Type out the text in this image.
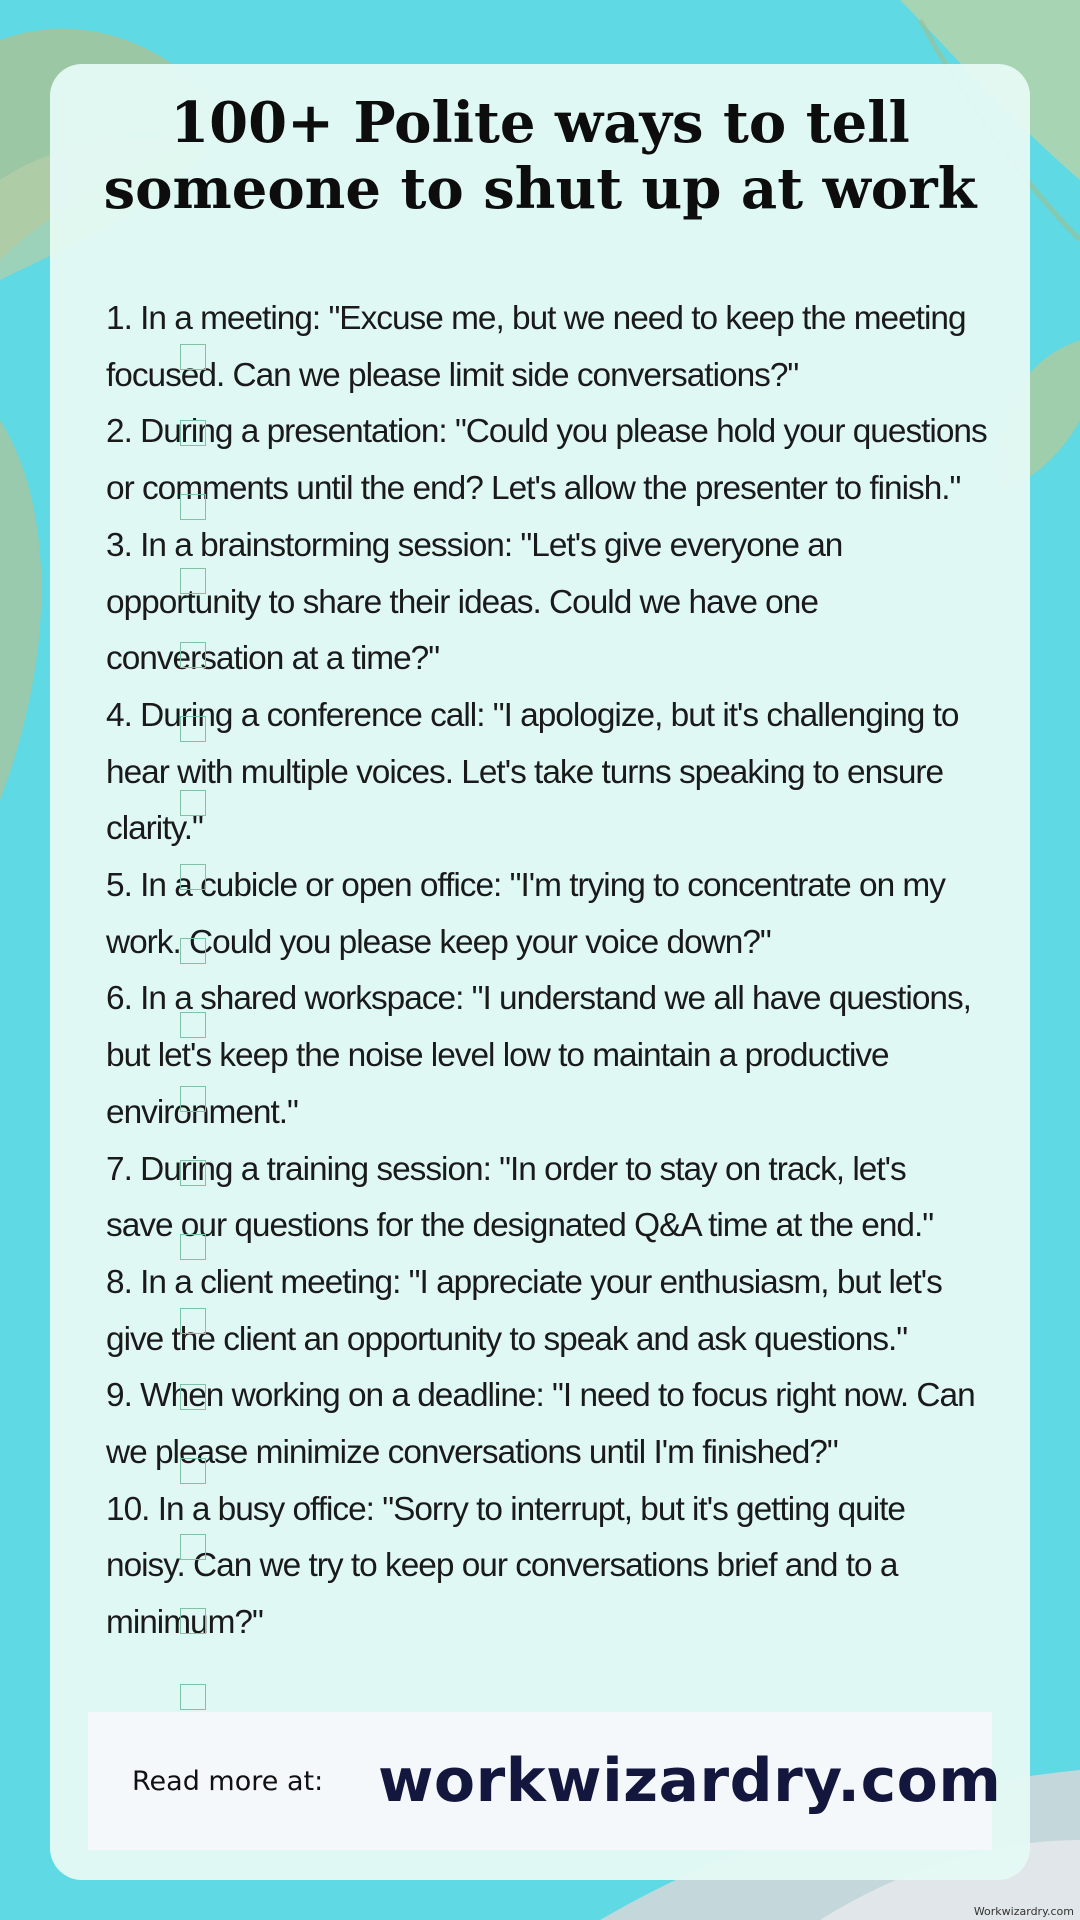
100+ Polite ways to tell
someone to shut up at work
1. In a meeting: "Excuse me, but we need to keep the meeting
focused. Can we please limit side conversations?"
2. During a presentation: "Could you please hold your questions
or comments until the end? Let's allow the presenter to finish."
3. In a brainstorming session: "Let's give everyone an
opportunity to share their ideas. Could we have one
conversation at a time?"
4. During a conference call: "I apologize, but it's challenging to
hear with multiple voices. Let's take turns speaking to ensure
clarity."
5. In a cubicle or open office: "I'm trying to concentrate on my
work. Could you please keep your voice down?"
6. In a shared workspace: "I understand we all have questions,
but let's keep the noise level low to maintain a productive
environment."
7. During a training session: "In order to stay on track, let's
save our questions for the designated Q&A time at the end."
8. In a client meeting: "I appreciate your enthusiasm, but let's
give the client an opportunity to speak and ask questions."
9. When working on a deadline: "I need to focus right now. Can
we please minimize conversations until I'm finished?"
10. In a busy office: "Sorry to interrupt, but it's getting quite
noisy. Can we try to keep our conversations brief and to a
minimum?"
Read more at: workwizardry.com
Workwizardry.com
